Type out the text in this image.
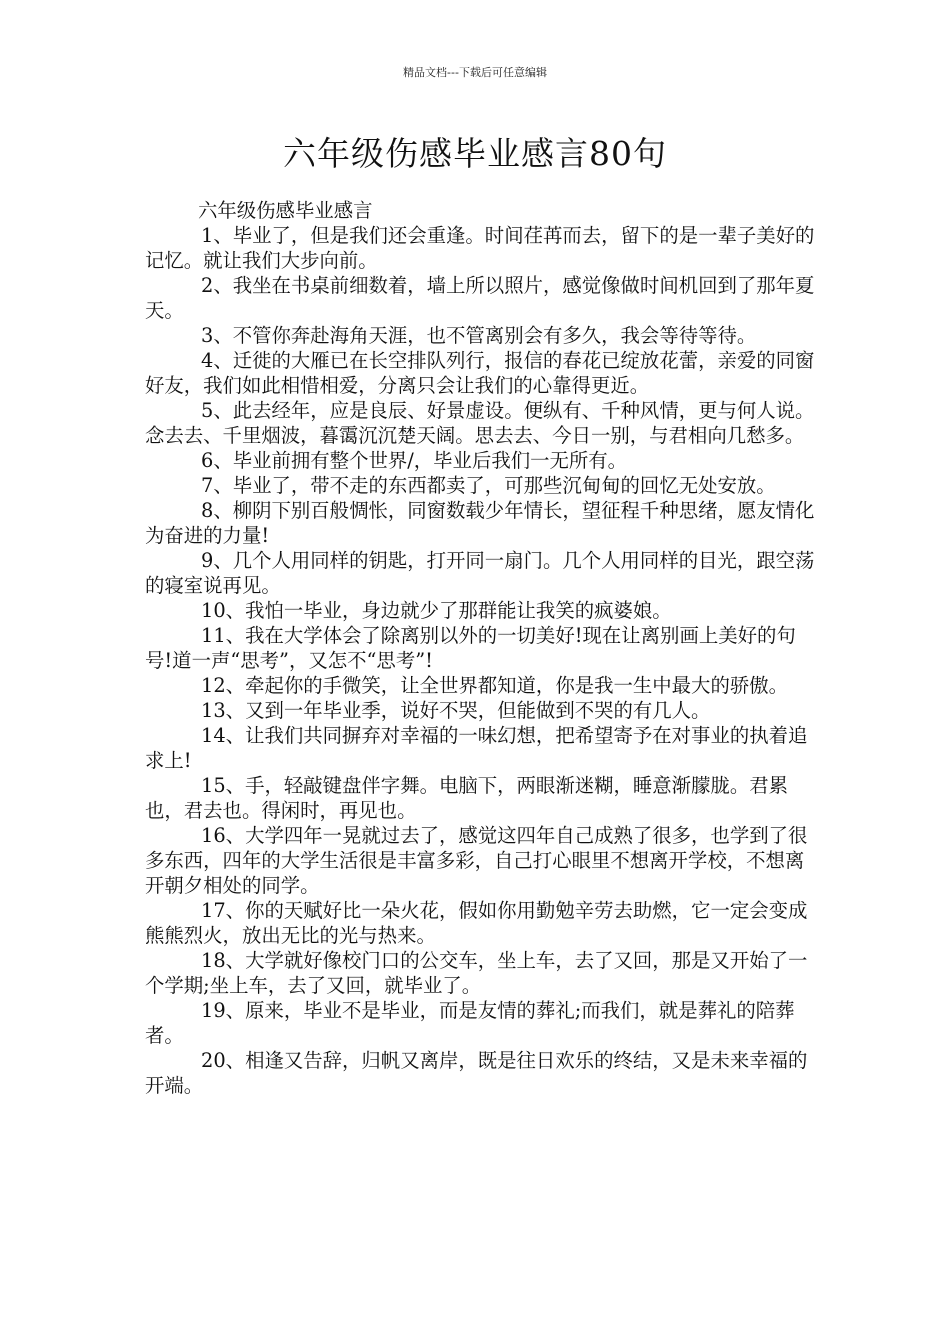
精品文档---下载后可任意编辑
六年级伤感毕业感言80句

六年级伤感毕业感言

1、毕业了，但是我们还会重逢。时间荏苒而去，留下的是一辈子美好的记忆。就让我们大步向前。

2、我坐在书桌前细数着，墙上所以照片，感觉像做时间机回到了那年夏天。

3、不管你奔赴海角天涯，也不管离别会有多久，我会等待等待。

4、迁徙的大雁已在长空排队列行，报信的春花已绽放花蕾，亲爱的同窗好友，我们如此相惜相爱，分离只会让我们的心靠得更近。

5、此去经年，应是良辰、好景虚设。便纵有、千种风情，更与何人说。念去去、千里烟波，暮霭沉沉楚天阔。思去去、今日一别，与君相向几愁多。

6、毕业前拥有整个世界/，毕业后我们一无所有。

7、毕业了，带不走的东西都卖了，可那些沉甸甸的回忆无处安放。

8、柳阴下别百般惆怅，同窗数载少年情长，望征程千种思绪，愿友情化为奋进的力量!

9、几个人用同样的钥匙，打开同一扇门。几个人用同样的目光，跟空荡的寝室说再见。

10、我怕一毕业，身边就少了那群能让我笑的疯婆娘。

11、我在大学体会了除离别以外的一切美好!现在让离别画上美好的句号!道一声“思考”，又怎不“思考”!

12、牵起你的手微笑，让全世界都知道，你是我一生中最大的骄傲。

13、又到一年毕业季，说好不哭，但能做到不哭的有几人。

14、让我们共同摒弃对幸福的一味幻想，把希望寄予在对事业的执着追求上!

15、手，轻敲键盘伴字舞。电脑下，两眼渐迷糊，睡意渐朦胧。君累也，君去也。得闲时，再见也。

16、大学四年一晃就过去了，感觉这四年自己成熟了很多，也学到了很多东西，四年的大学生活很是丰富多彩，自己打心眼里不想离开学校，不想离开朝夕相处的同学。

17、你的天赋好比一朵火花，假如你用勤勉辛劳去助燃，它一定会变成熊熊烈火，放出无比的光与热来。

18、大学就好像校门口的公交车，坐上车，去了又回，那是又开始了一个学期;坐上车，去了又回，就毕业了。

19、原来，毕业不是毕业，而是友情的葬礼;而我们，就是葬礼的陪葬者。

20、相逢又告辞，归帆又离岸，既是往日欢乐的终结，又是未来幸福的开端。
